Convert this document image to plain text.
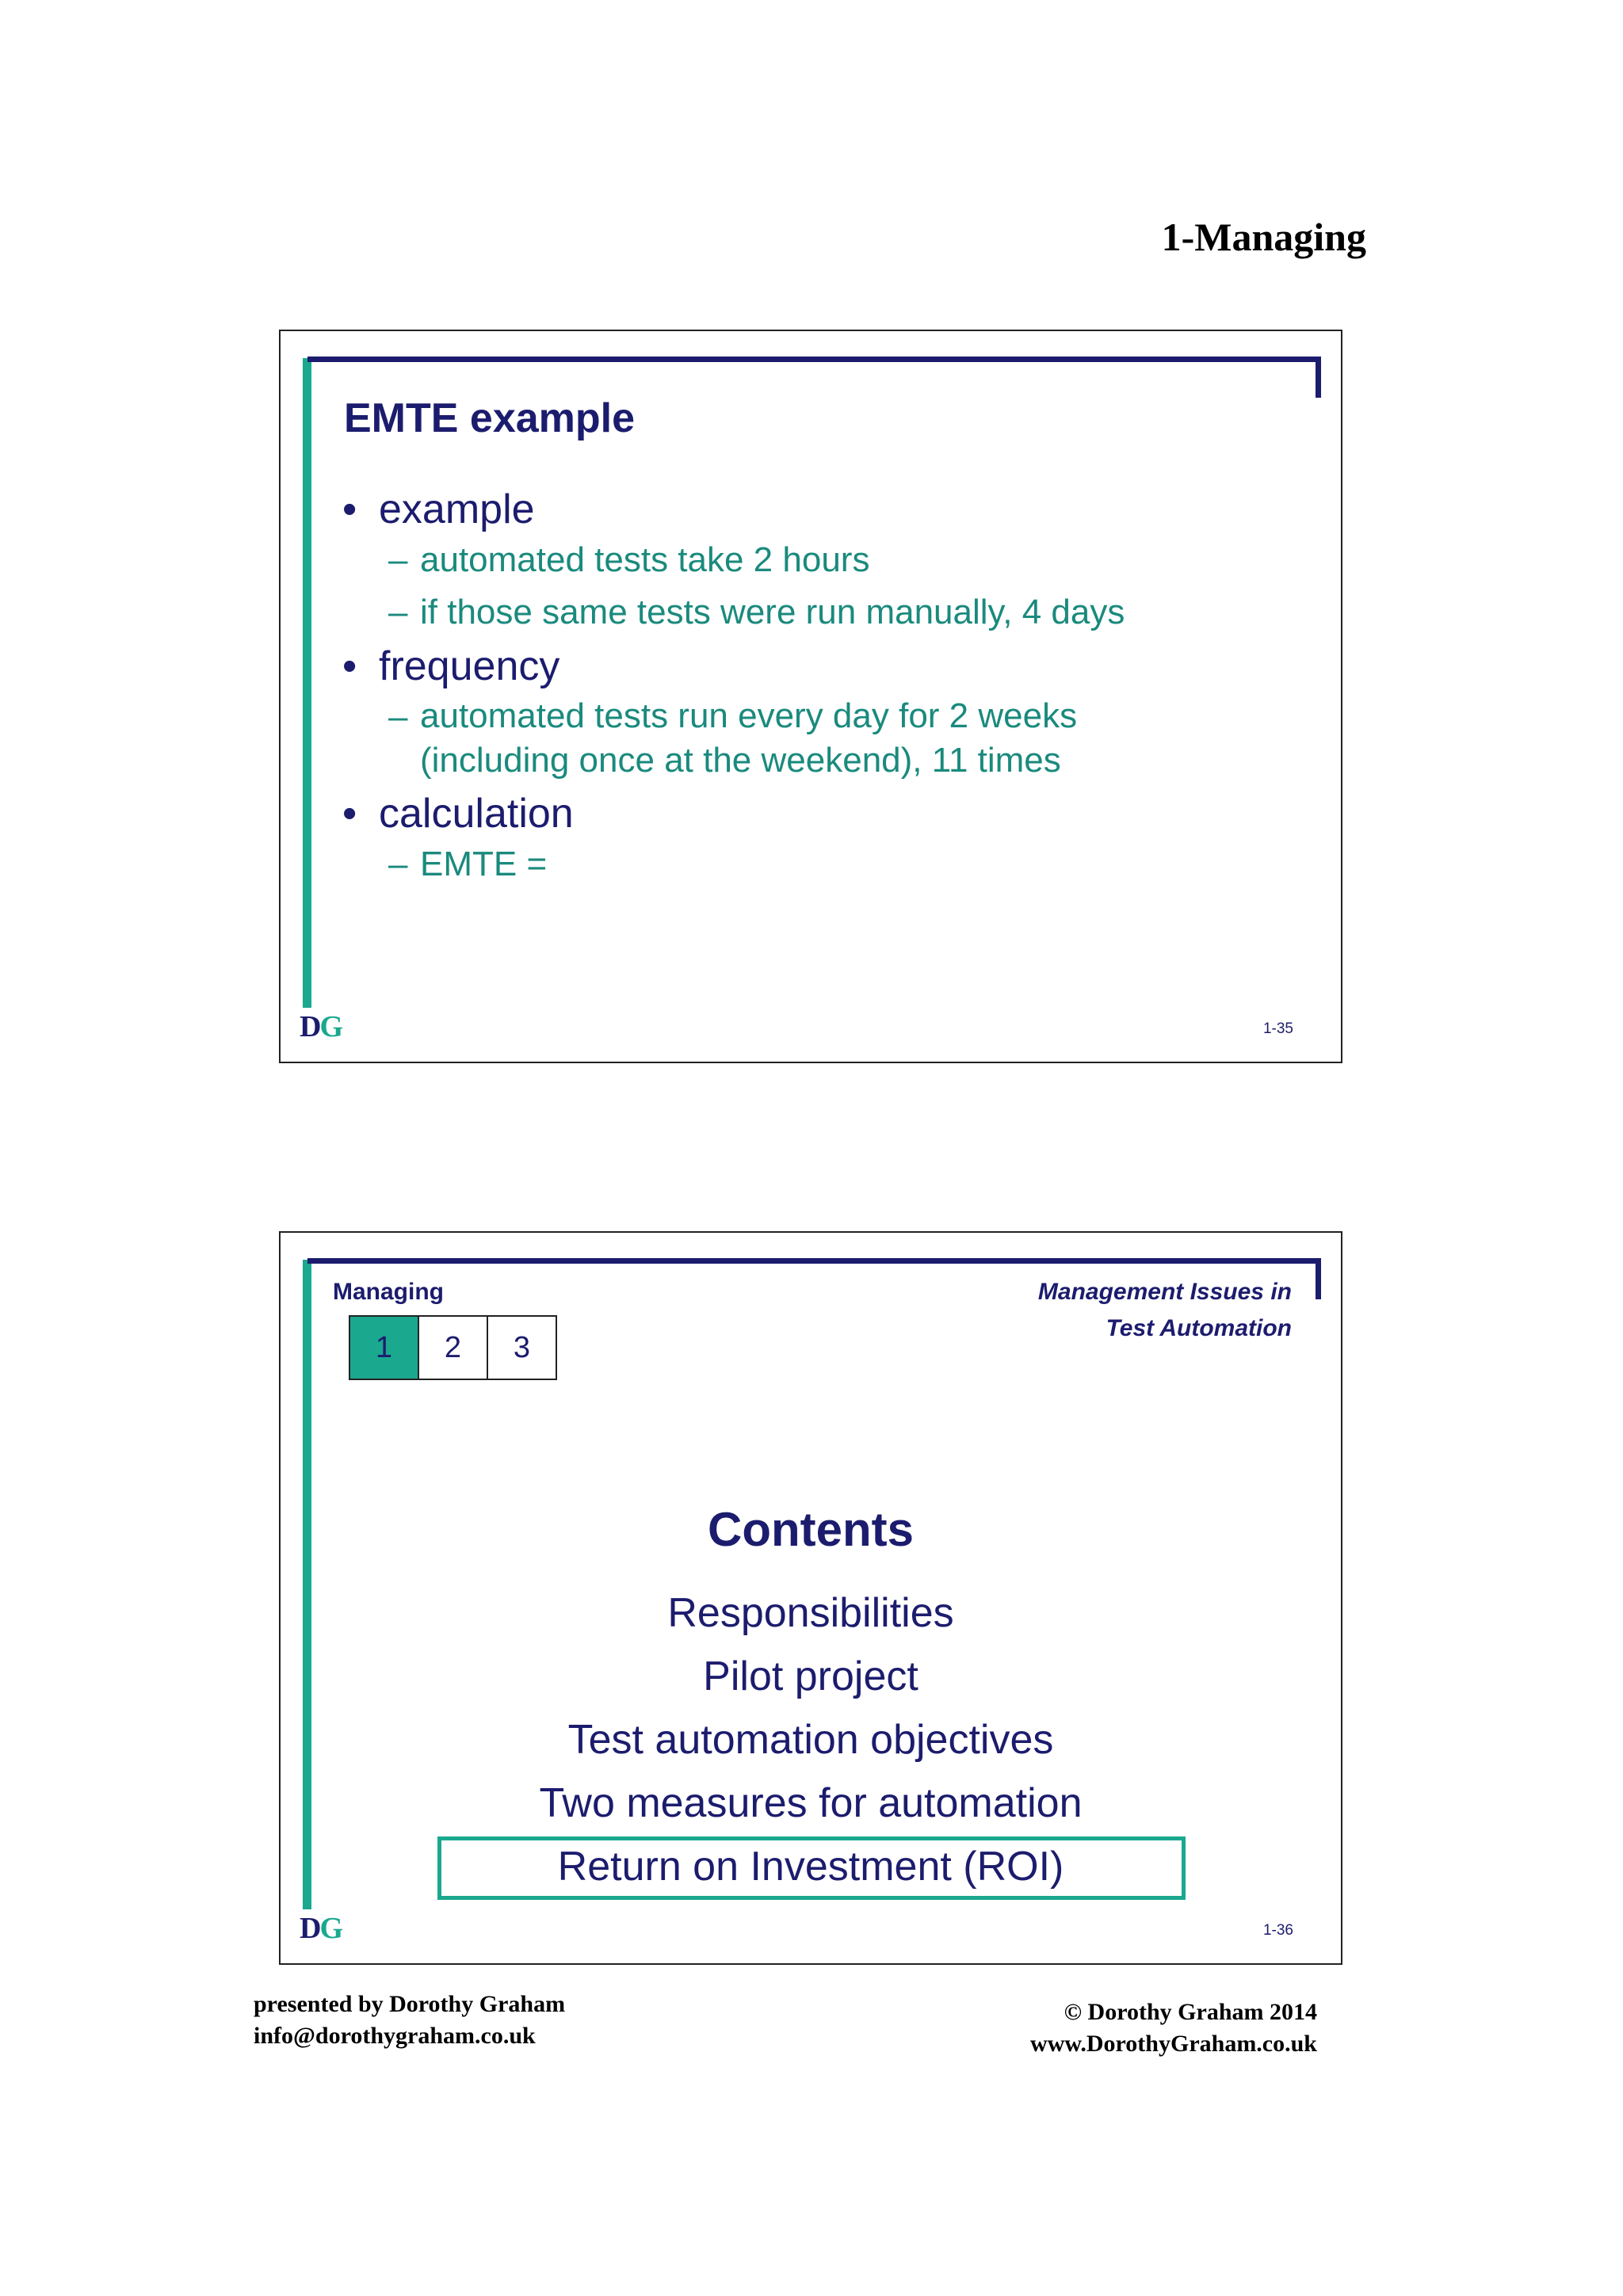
1-Managing
EMTE example
• example
– automated tests take 2 hours
– if those same tests were run manually, 4 days
• frequency
– automated tests run every day for 2 weeks
(including once at the weekend), 11 times
• calculation
– EMTE =
DG	1-35
Managing	Management Issues in
Test Automation
1	2	3
Contents
Responsibilities
Pilot project
Test automation objectives
Two measures for automation
Return on Investment (ROI)
DG	1-36
presented by Dorothy Graham
info@dorothygraham.co.uk
© Dorothy Graham 2014
www.DorothyGraham.co.uk
